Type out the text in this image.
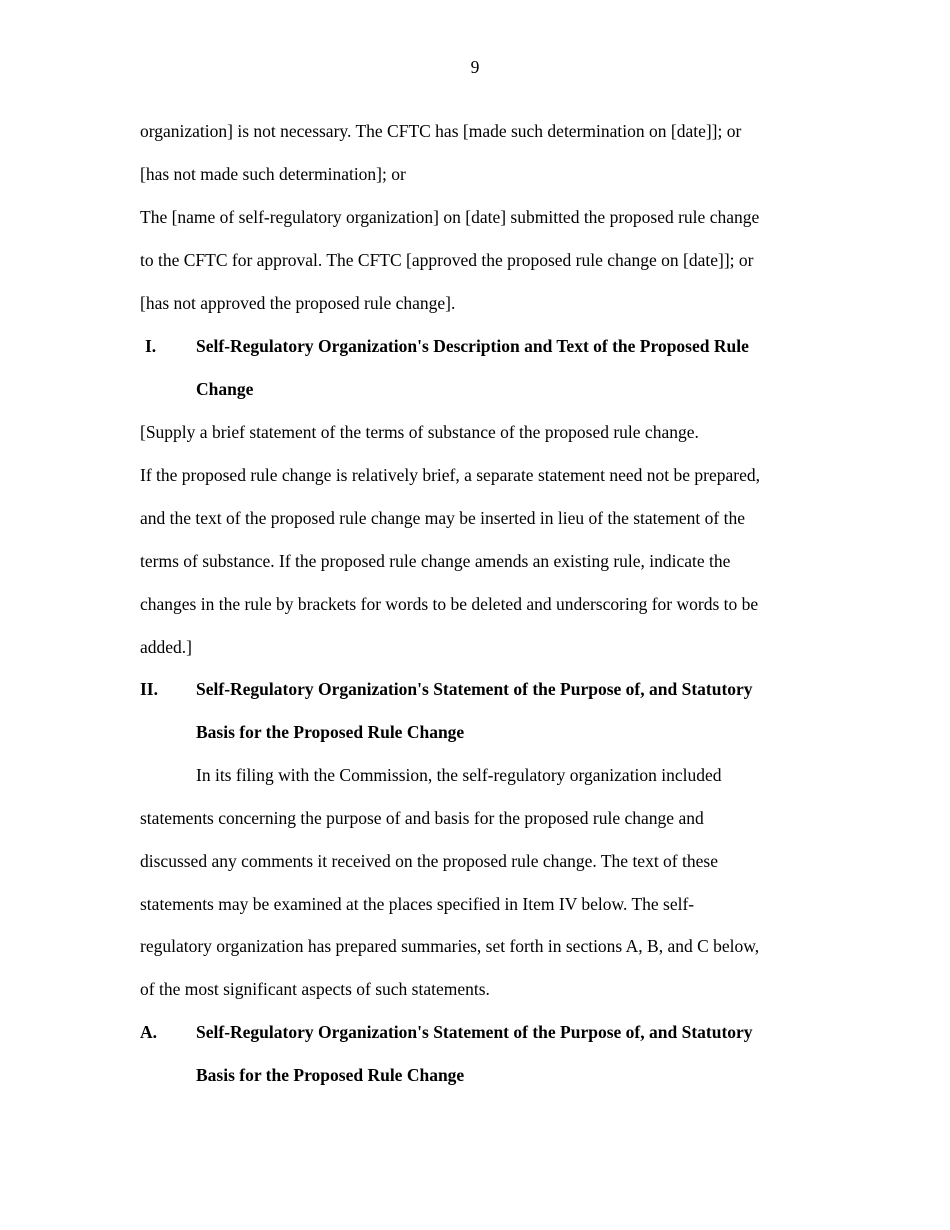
9
organization] is not necessary. The CFTC has [made such determination on [date]]; or
[has not made such determination]; or
The [name of self-regulatory organization] on [date] submitted the proposed rule change
to the CFTC for approval. The CFTC [approved the proposed rule change on [date]]; or
[has not approved the proposed rule change].
I. Self-Regulatory Organization's Description and Text of the Proposed Rule
Change
[Supply a brief statement of the terms of substance of the proposed rule change.
If the proposed rule change is relatively brief, a separate statement need not be prepared,
and the text of the proposed rule change may be inserted in lieu of the statement of the
terms of substance. If the proposed rule change amends an existing rule, indicate the
changes in the rule by brackets for words to be deleted and underscoring for words to be
added.]
II. Self-Regulatory Organization's Statement of the Purpose of, and Statutory
Basis for the Proposed Rule Change
In its filing with the Commission, the self-regulatory organization included
statements concerning the purpose of and basis for the proposed rule change and
discussed any comments it received on the proposed rule change. The text of these
statements may be examined at the places specified in Item IV below. The self-
regulatory organization has prepared summaries, set forth in sections A, B, and C below,
of the most significant aspects of such statements.
A. Self-Regulatory Organization's Statement of the Purpose of, and Statutory
Basis for the Proposed Rule Change
